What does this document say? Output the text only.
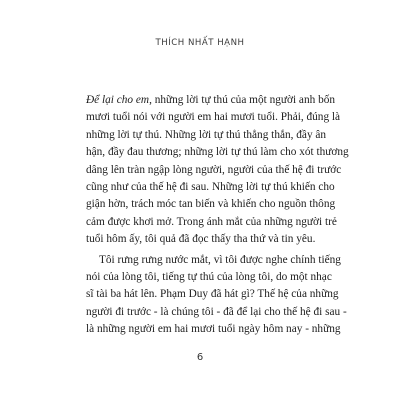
THÍCH NHẤT HẠNH
Để lại cho em, những lời tự thú của một người anh bốn
mươi tuổi nói với người em hai mươi tuổi. Phải, đúng là
những lời tự thú. Những lời tự thú thẳng thắn, đầy ân
hận, đầy đau thương; những lời tự thú làm cho xót thương
dâng lên tràn ngập lòng người, người của thế hệ đi trước
cũng như của thế hệ đi sau. Những lời tự thú khiến cho
giận hờn, trách móc tan biến và khiến cho nguồn thông
cảm được khơi mở. Trong ánh mắt của những người trẻ
tuổi hôm ấy, tôi quả đã đọc thấy tha thứ và tin yêu.
Tôi rưng rưng nước mắt, vì tôi được nghe chính tiếng
nói của lòng tôi, tiếng tự thú của lòng tôi, do một nhạc
sĩ tài ba hát lên. Phạm Duy đã hát gì? Thế hệ của những
người đi trước - là chúng tôi - đã để lại cho thế hệ đi sau -
là những người em hai mươi tuổi ngày hôm nay - những
6
